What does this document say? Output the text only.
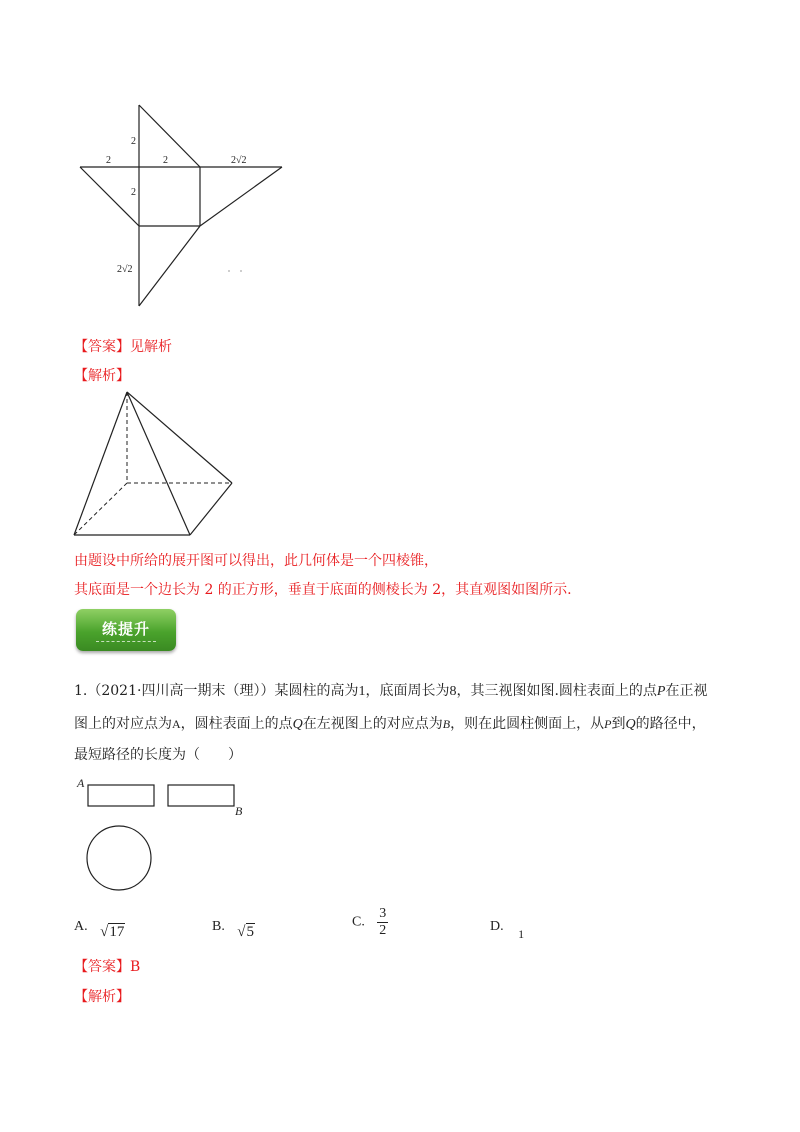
2
2	2√2
2
2
2√2
【答案】见解析
【解析】
由题设中所给的展开图可以得出，此几何体是一个四棱锥，
其底面是一个边长为 2 的正方形，垂直于底面的侧棱长为 2，其直观图如图所示.
练提升
1.（2021·四川高一期末（理））某圆柱的高为1，底面周长为8，其三视图如图.圆柱表面上的点P在正视
图上的对应点为A，圆柱表面上的点Q在左视图上的对应点为B，则在此圆柱侧面上，从P到Q的路径中，
最短路径的长度为（　　）
A
B
A. √17	B. √5
C. $\frac{3}{2}$	D. 1
【答案】B
【解析】
